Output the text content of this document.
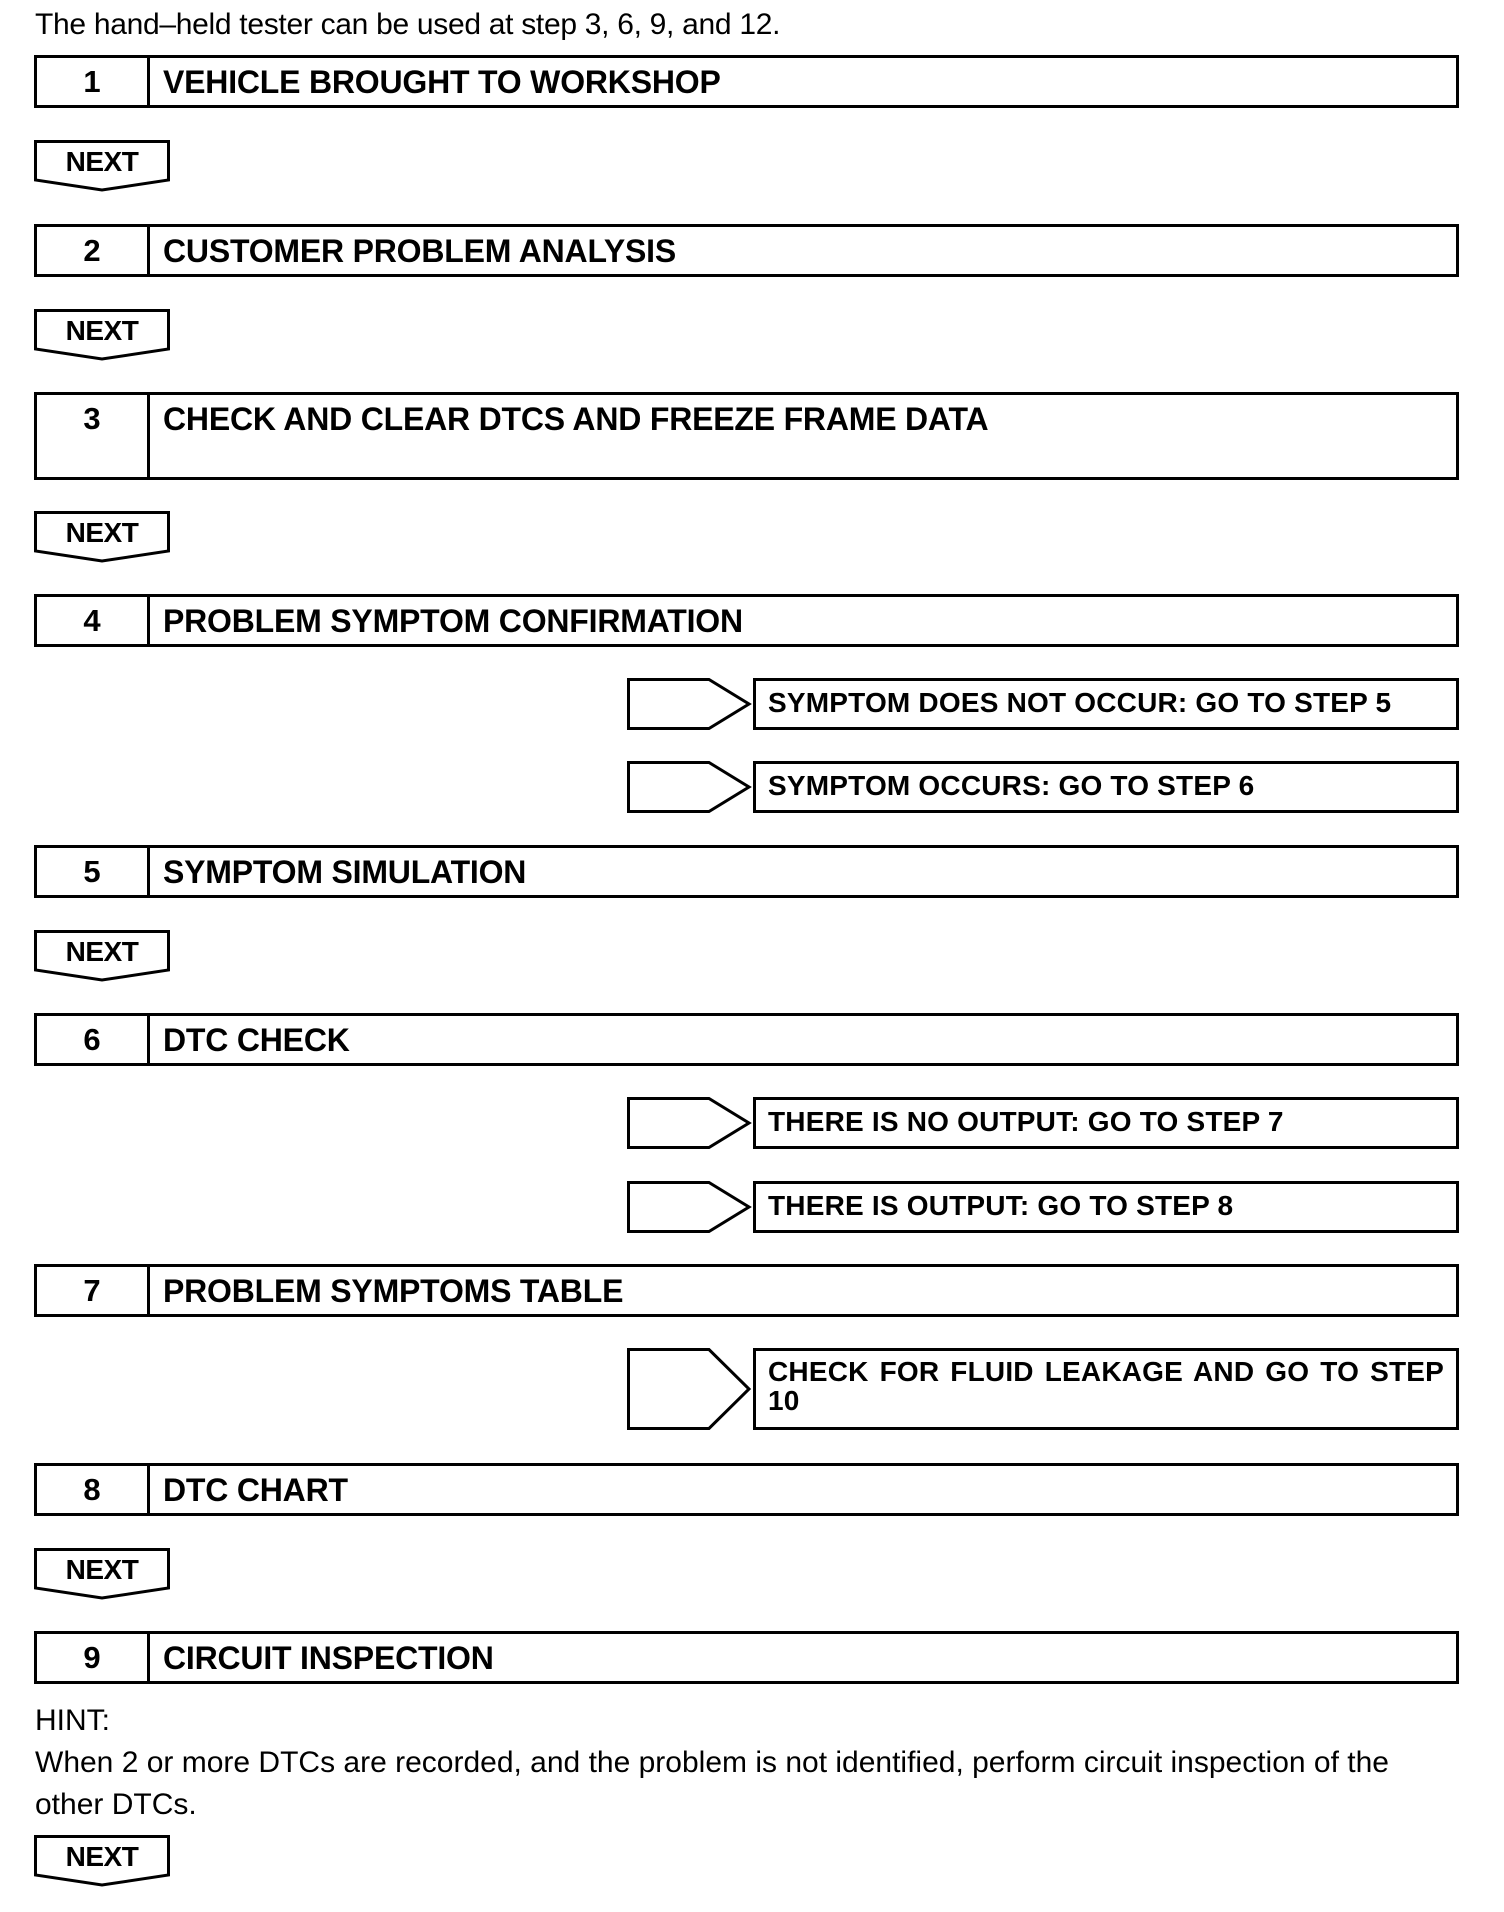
The hand–held tester can be used at step 3, 6, 9, and 12.
1	VEHICLE BROUGHT TO WORKSHOP
NEXT
2	CUSTOMER PROBLEM ANALYSIS
NEXT
3	CHECK AND CLEAR DTCS AND FREEZE FRAME DATA
NEXT
4	PROBLEM SYMPTOM CONFIRMATION
SYMPTOM DOES NOT OCCUR: GO TO STEP 5
SYMPTOM OCCURS: GO TO STEP 6
5	SYMPTOM SIMULATION
NEXT
6	DTC CHECK
THERE IS NO OUTPUT: GO TO STEP 7
THERE IS OUTPUT: GO TO STEP 8
7	PROBLEM SYMPTOMS TABLE
CHECK FOR FLUID LEAKAGE AND GO TO STEP 10
8	DTC CHART
NEXT
9	CIRCUIT INSPECTION
HINT:
When 2 or more DTCs are recorded, and the problem is not identified, perform circuit inspection of the other DTCs.
NEXT
